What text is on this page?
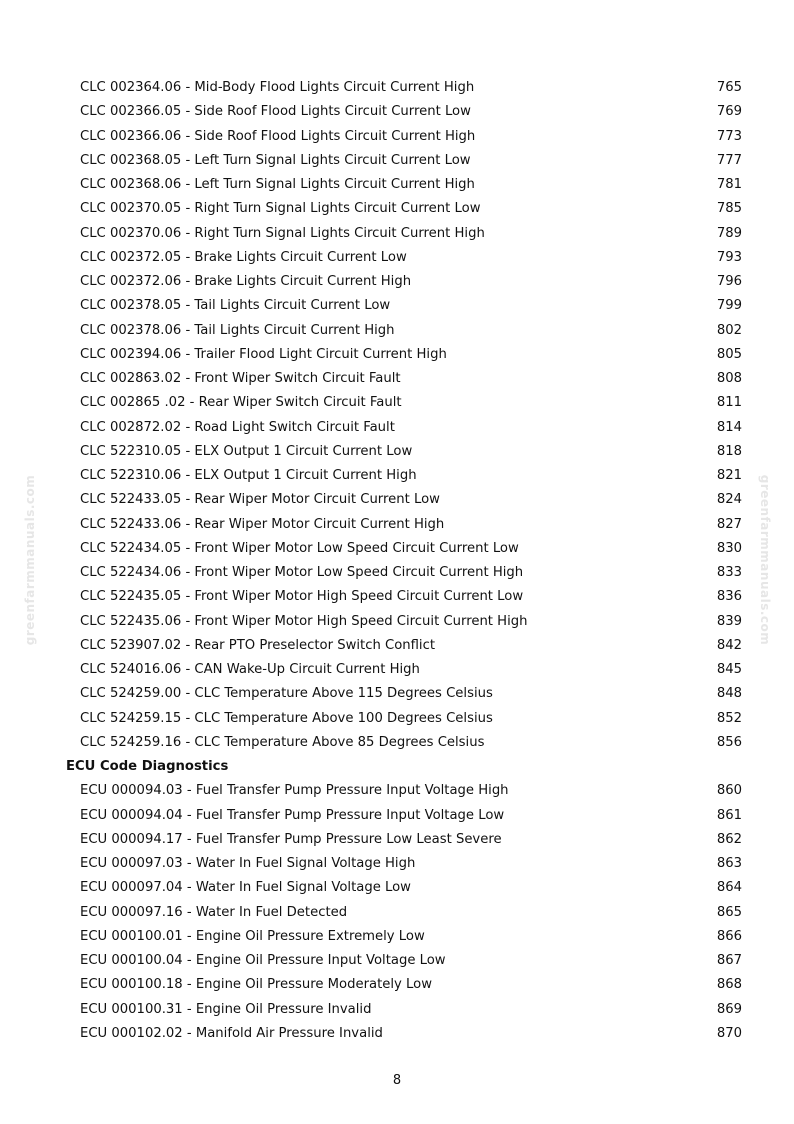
greenfarmmanuals.com	greenfarmmanuals.com
CLC 002364.06 - Mid-Body Flood Lights Circuit Current High	765
CLC 002366.05 - Side Roof Flood Lights Circuit Current Low	769
CLC 002366.06 - Side Roof Flood Lights Circuit Current High	773
CLC 002368.05 - Left Turn Signal Lights Circuit Current Low	777
CLC 002368.06 - Left Turn Signal Lights Circuit Current High	781
CLC 002370.05 - Right Turn Signal Lights Circuit Current Low	785
CLC 002370.06 - Right Turn Signal Lights Circuit Current High	789
CLC 002372.05 - Brake Lights Circuit Current Low	793
CLC 002372.06 - Brake Lights Circuit Current High	796
CLC 002378.05 - Tail Lights Circuit Current Low	799
CLC 002378.06 - Tail Lights Circuit Current High	802
CLC 002394.06 - Trailer Flood Light Circuit Current High	805
CLC 002863.02 - Front Wiper Switch Circuit Fault	808
CLC 002865 .02 - Rear Wiper Switch Circuit Fault	811
CLC 002872.02 - Road Light Switch Circuit Fault	814
CLC 522310.05 - ELX Output 1 Circuit Current Low	818
CLC 522310.06 - ELX Output 1 Circuit Current High	821
CLC 522433.05 - Rear Wiper Motor Circuit Current Low	824
CLC 522433.06 - Rear Wiper Motor Circuit Current High	827
CLC 522434.05 - Front Wiper Motor Low Speed Circuit Current Low	830
CLC 522434.06 - Front Wiper Motor Low Speed Circuit Current High	833
CLC 522435.05 - Front Wiper Motor High Speed Circuit Current Low	836
CLC 522435.06 - Front Wiper Motor High Speed Circuit Current High	839
CLC 523907.02 - Rear PTO Preselector Switch Conflict	842
CLC 524016.06 - CAN Wake-Up Circuit Current High	845
CLC 524259.00 - CLC Temperature Above 115 Degrees Celsius	848
CLC 524259.15 - CLC Temperature Above 100 Degrees Celsius	852
CLC 524259.16 - CLC Temperature Above 85 Degrees Celsius	856
ECU Code Diagnostics
ECU 000094.03 - Fuel Transfer Pump Pressure Input Voltage High	860
ECU 000094.04 - Fuel Transfer Pump Pressure Input Voltage Low	861
ECU 000094.17 - Fuel Transfer Pump Pressure Low Least Severe	862
ECU 000097.03 - Water In Fuel Signal Voltage High	863
ECU 000097.04 - Water In Fuel Signal Voltage Low	864
ECU 000097.16 - Water In Fuel Detected	865
ECU 000100.01 - Engine Oil Pressure Extremely Low	866
ECU 000100.04 - Engine Oil Pressure Input Voltage Low	867
ECU 000100.18 - Engine Oil Pressure Moderately Low	868
ECU 000100.31 - Engine Oil Pressure Invalid	869
ECU 000102.02 - Manifold Air Pressure Invalid	870
8
